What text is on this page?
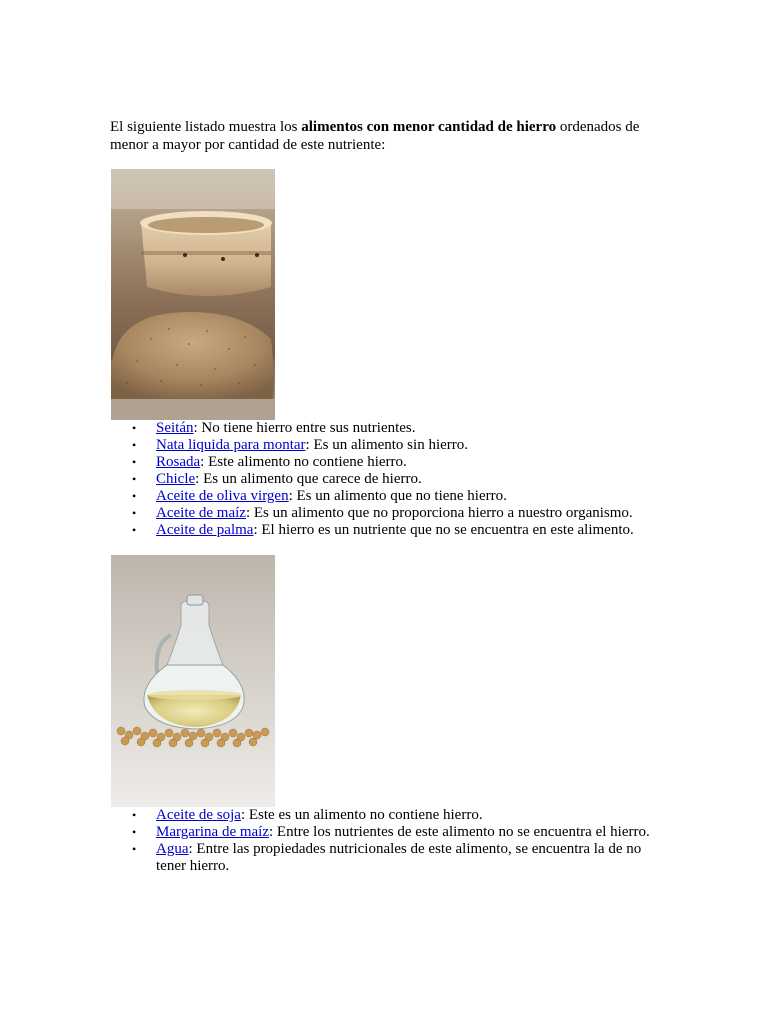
El siguiente listado muestra los alimentos con menor cantidad de hierro ordenados de menor a mayor por cantidad de este nutriente:

• Seitán: No tiene hierro entre sus nutrientes.
• Nata liquida para montar: Es un alimento sin hierro.
• Rosada: Este alimento no contiene hierro.
• Chicle: Es un alimento que carece de hierro.
• Aceite de oliva virgen: Es un alimento que no tiene hierro.
• Aceite de maíz: Es un alimento que no proporciona hierro a nuestro organismo.
• Aceite de palma: El hierro es un nutriente que no se encuentra en este alimento.
• Aceite de soja: Este es un alimento no contiene hierro.
• Margarina de maíz: Entre los nutrientes de este alimento no se encuentra el hierro.
• Agua: Entre las propiedades nutricionales de este alimento, se encuentra la de no tener hierro.
